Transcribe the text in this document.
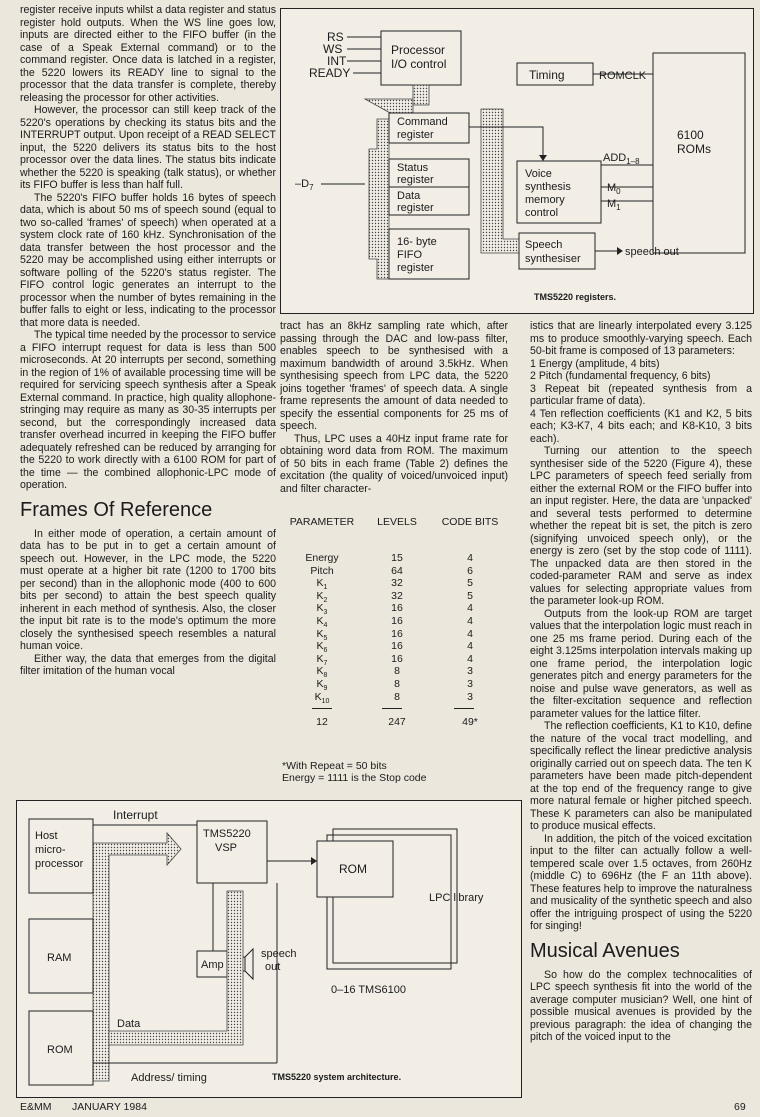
register receive inputs whilst a data register and status register hold outputs. When the WS line goes low, inputs are directed either to the FIFO buffer (in the case of a Speak External command) or to the command register. Once data is latched in a register, the 5220 lowers its READY line to signal to the processor that the data transfer is complete, thereby releasing the processor for other activities.

However, the processor can still keep track of the 5220's operations by checking its status bits and the INTERRUPT output. Upon receipt of a READ SELECT input, the 5220 delivers its status bits to the host processor over the data lines. The status bits indicate whether the 5220 is speaking (talk status), or whether its FIFO buffer is less than half full.

The 5220's FIFO buffer holds 16 bytes of speech data, which is about 50 ms of speech sound (equal to two so-called 'frames' of speech) when operated at a system clock rate of 160 kHz. Synchronisation of the data transfer between the host processor and the 5220 may be accomplished using either interrupts or software polling of the 5220's status register. The FIFO control logic generates an interrupt to the processor when the number of bytes remaining in the buffer falls to eight or less, indicating to the processor that more data is needed.

The typical time needed by the processor to service a FIFO interrupt request for data is less than 500 microseconds. At 20 interrupts per second, something in the region of 1% of available processing time will be required for servicing speech synthesis after a Speak External command. In practice, high quality allophone-stringing may require as many as 30-35 interrupts per second, but the correspondingly increased data transfer overhead incurred in keeping the FIFO buffer adequately refreshed can be reduced by arranging for the 5220 to work directly with a 6100 ROM for part of the time — the combined allophonic-LPC mode of operation.

Frames Of Reference

In either mode of operation, a certain amount of data has to be put in to get a certain amount of speech out. However, in the LPC mode, the 5220 must operate at a higher bit rate (1200 to 1700 bits per second) than in the allophonic mode (400 to 600 bits per second) to attain the best speech quality inherent in each method of synthesis. Also, the closer the input bit rate is to the mode's optimum the more closely the synthesised speech resembles a natural human voice.

Either way, the data that emerges from the digital filter imitation of the human vocal

RS
WS
INT
READY
Processor
I/O control
Timing	ROMCLK
6100
ROMs
Command
register
Status
register
Data
register
$-D_7$
Voice
synthesis
memory
control
$ADD_{1-8}$
$M_0$
$M_1$
16- byte
FIFO
register
Speech
synthesiser
speech out
TMS5220 registers.

tract has an 8kHz sampling rate which, after passing through the DAC and low-pass filter, enables speech to be synthesised with a maximum bandwidth of around 3.5kHz. When synthesising speech from LPC data, the 5220 joins together 'frames' of speech data. A single frame represents the amount of data needed to specify the essential components for 25 ms of speech.

Thus, LPC uses a 40Hz input frame rate for obtaining word data from ROM. The maximum of 50 bits in each frame (Table 2) defines the excitation (the quality of voiced/unvoiced input) and filter character-

PARAMETER	LEVELS	CODE BITS
Energy	15	4
Pitch	64	6
$K_1$	32	5
$K_2$	32	5
$K_3$	16	4
$K_4$	16	4
$K_5$	16	4
$K_6$	16	4
$K_7$	16	4
$K_8$	8	3
$K_9$	8	3
$K_{10}$	8	3
12	247	49*
*With Repeat = 50 bits
Energy = 1111 is the Stop code

istics that are linearly interpolated every 3.125 ms to produce smoothly-varying speech. Each 50-bit frame is composed of 13 parameters:

1 Energy (amplitude, 4 bits)

2 Pitch (fundamental frequency, 6 bits)

3 Repeat bit (repeated synthesis from a particular frame of data).

4 Ten reflection coefficients (K1 and K2, 5 bits each; K3-K7, 4 bits each; and K8-K10, 3 bits each).

Turning our attention to the speech synthesiser side of the 5220 (Figure 4), these LPC parameters of speech feed serially from either the external ROM or the FIFO buffer into an input register. Here, the data are 'unpacked' and several tests performed to determine whether the repeat bit is set, the pitch is zero (signifying unvoiced speech only), or the energy is zero (set by the stop code of 1111). The unpacked data are then stored in the coded-parameter RAM and serve as index values for selecting appropriate values from the parameter look-up ROM.

Outputs from the look-up ROM are target values that the interpolation logic must reach in one 25 ms frame period. During each of the eight 3.125ms interpolation intervals making up one frame period, the interpolation logic generates pitch and energy parameters for the noise and pulse wave generators, as well as the filter-excitation sequence and reflection parameter values for the lattice filter.

The reflection coefficients, K1 to K10, define the nature of the vocal tract modelling, and specifically reflect the linear predictive analysis originally carried out on speech data. The ten K parameters have been made pitch-dependent at the top end of the frequency range to give more natural female or higher pitched speech. These K parameters can also be manipulated to produce musical effects.

In addition, the pitch of the voiced excitation input to the filter can actually follow a well-tempered scale over 1.5 octaves, from 260Hz (middle C) to 696Hz (the F an 11th above). These features help to improve the naturalness and musicality of the synthetic speech and also offer the intriguing prospect of using the 5220 for singing!

Musical Avenues

So how do the complex technocalities of LPC speech synthesis fit into the world of the average computer musician? Well, one hint of possible musical avenues is provided by the previous paragraph: the idea of changing the pitch of the voiced input to the

Interrupt
Host
micro-
processor
TMS5220
VSP
ROM
LPC library
Amp
speech
out
0–16 TMS6100
RAM
ROM
Data
Address/ timing	TMS5220 system architecture.
E&MM JANUARY 1984	69
